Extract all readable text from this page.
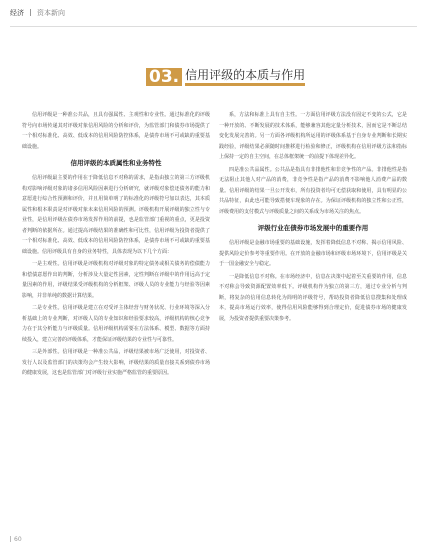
经济 资本新向
03. 信用评级的本质与作用

信用评级是一种准公共品，且具有强属性、主观性和专业性。通过标准化的评级符号向市场传递其对评级对象信用风险的分析和评价，为监管部门和债券市场提供了一个相对标准化、高效、低成本的信用风险防控体系，是债券市场不可或缺的重要基础设施。

信用评级的本质属性和业务特性

信用评级最主要的作用在于降低信息不对称的需求，是指由独立的第三方评级机构对影响评级对象的诸多信用风险因素进行分析研究，就评级对象偿还债务的能力和意愿进行综合性预测和评价，并且用简单明了的标准化的评级符号加以表达，其本质属性和根本职责是对评级对象未来信用风险的预测。评级机构开展评级的独立性与专业性，是信用评级在债券市场发挥作用的前提，也是监管部门重视的重点，更是投资者判断的依据所在。通过提高评级结果的准确性和可比性，信用评级为投资者提供了一个相对标准化、高效、低成本的信用风险防控体系，是债券市场不可或缺的重要基础设施。信用评级具有自身的业务特性，具体表现为以下几个方面：

一是主观性。信用评级是评级机构对评级对象的特定债务或相关债务的偿债能力和偿债意愿作出的判断，分析涉及大量定性因素，定性判断在评级中的作用远高于定量因素的作用，评级结果受评级机构的分析框架、评级人员的专业能力与经验等因素影响，并非单纯的数据计算结果。

二是专业性。信用评级是建立在对受评主体经营与财务状况、行业环境等深入分析基础上的专业判断，对评级人员的专业知识和经验要求较高，评级机构的核心竞争力在于其分析能力与评级质量。信用评级机构需要在方法体系、模型、数据等方面持续投入，建立完善的评级体系，才能保证评级结果的专业性与可靠性。

三是外部性。信用评级是一种准公共品，评级结果被市场广泛使用，对投资者、发行人以及监管部门的决策均会产生较大影响，评级结果的质量直接关系到债券市场的健康发展，这也是监管部门对评级行业实施严格监管的重要原因。

系，方法和标准上具有自主性。一方面信用评级方法没有固定不变的公式，它是一种开放的、不断发展的技术体系，能够兼容其他定量分析技术，因而它是不断总结变化发展完善的。另一方面各评级机构所运用的评级体系基于自身专业判断和长期实践经验，评级结果必须随时间推移进行检验和修正，评级机构在信用评级方法和指标上保持一定的自主空间，在总体框架统一的前提下体现差异化。

四是准公共品属性。公共品是指具有非排他性和非竞争性的产品。非排他性是指无法阻止其他人对产品的消费，非竞争性是指产品的消费不影响他人消费产品的数量。信用评级的结果一旦公开发布，所有投资者均可无偿获取和使用，具有明显的公共品特征，由此也可能导致搭便车现象的存在。为保证评级机构的独立性和公正性，评级费用的支付模式与评级质量之间的关系成为市场关注的焦点。

评级行业在债券市场发展中的重要作用

信用评级是金融市场重要的基础设施，发挥着降低信息不对称、揭示信用风险、提供风险定价参考等重要作用。在开放的金融市场和评级市场环境下，信用评级是关于一国金融安全与稳定。

一是降低信息不对称。在市场经济中，信息在决策中起着至关重要的作用，信息不对称会导致资源配置效率低下。评级机构作为独立的第三方，通过专业分析与判断，将复杂的信用信息转化为简明的评级符号，帮助投资者降低信息搜集和处理成本，提高市场运行效率，使得信用风险能够得到合理定价，促进债券市场的健康发展，为投资者提供重要决策参考。

60
